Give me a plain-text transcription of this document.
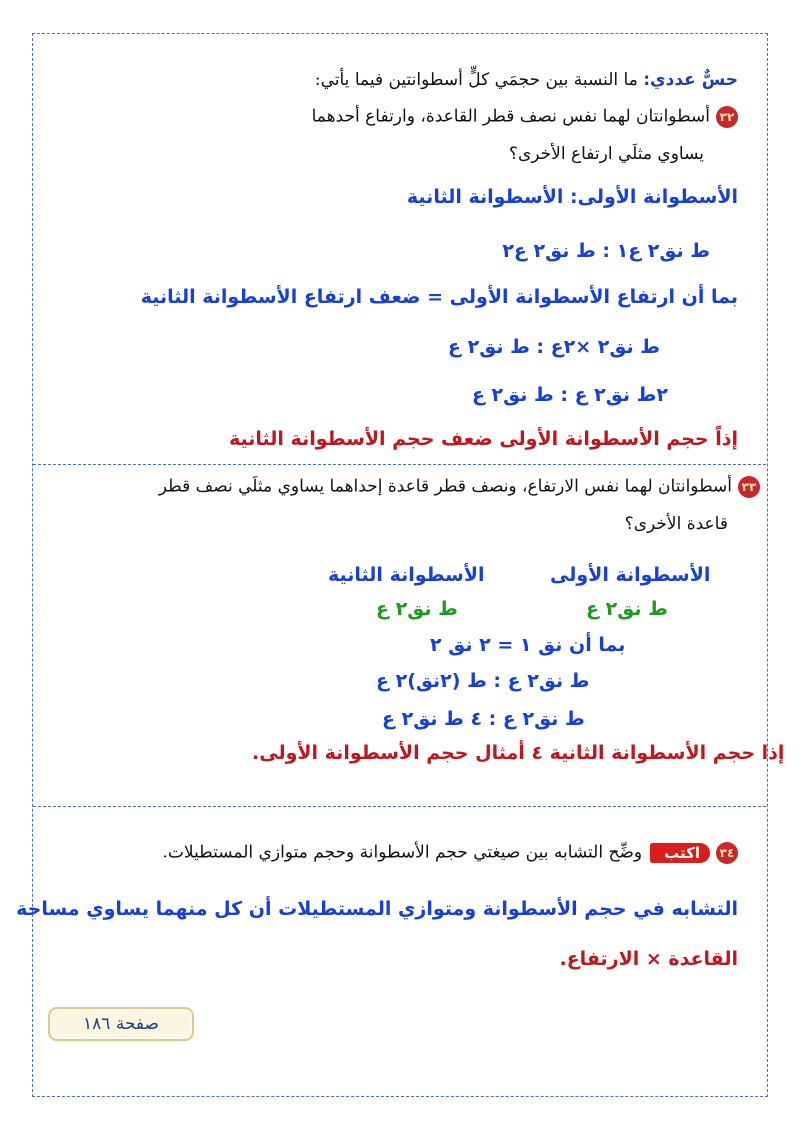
حسٌّ عددي: ما النسبة بين حجمَي كلٍّ أسطوانتين فيما يأتي:
٣٢أسطوانتان لهما نفس نصف قطر القاعدة، وارتفاع أحدهما
يساوي مثلَي ارتفاع الأخرى؟
الأسطوانة الأولى: الأسطوانة الثانية
ط نق٢ ع١ : ط نق٢ ع٢
بما أن ارتفاع الأسطوانة الأولى = ضعف ارتفاع الأسطوانة الثانية
ط نق٢ ×٢ع : ط نق٢ ع
٢ط نق٢ ع : ط نق٢ ع
إذاً حجم الأسطوانة الأولى ضعف حجم الأسطوانة الثانية
٣٣أسطوانتان لهما نفس الارتفاع، ونصف قطر قاعدة إحداهما يساوي مثلَي نصف قطر
قاعدة الأخرى؟
الأسطوانة الأولى
الأسطوانة الثانية
ط نق٢ ع
ط نق٢ ع
بما أن نق ١ = ٢ نق ٢
ط نق٢ ع : ط (٢نق)٢ ع
ط نق٢ ع : ٤ ط نق٢ ع
إذا حجم الأسطوانة الثانية ٤ أمثال حجم الأسطوانة الأولى.
٣٤اكتبوضِّح التشابه بين صيغتي حجم الأسطوانة وحجم متوازي المستطيلات.
التشابه في حجم الأسطوانة ومتوازي المستطيلات أن كل منهما يساوي مساحة
القاعدة × الارتفاع.
صفحة ١٨٦
